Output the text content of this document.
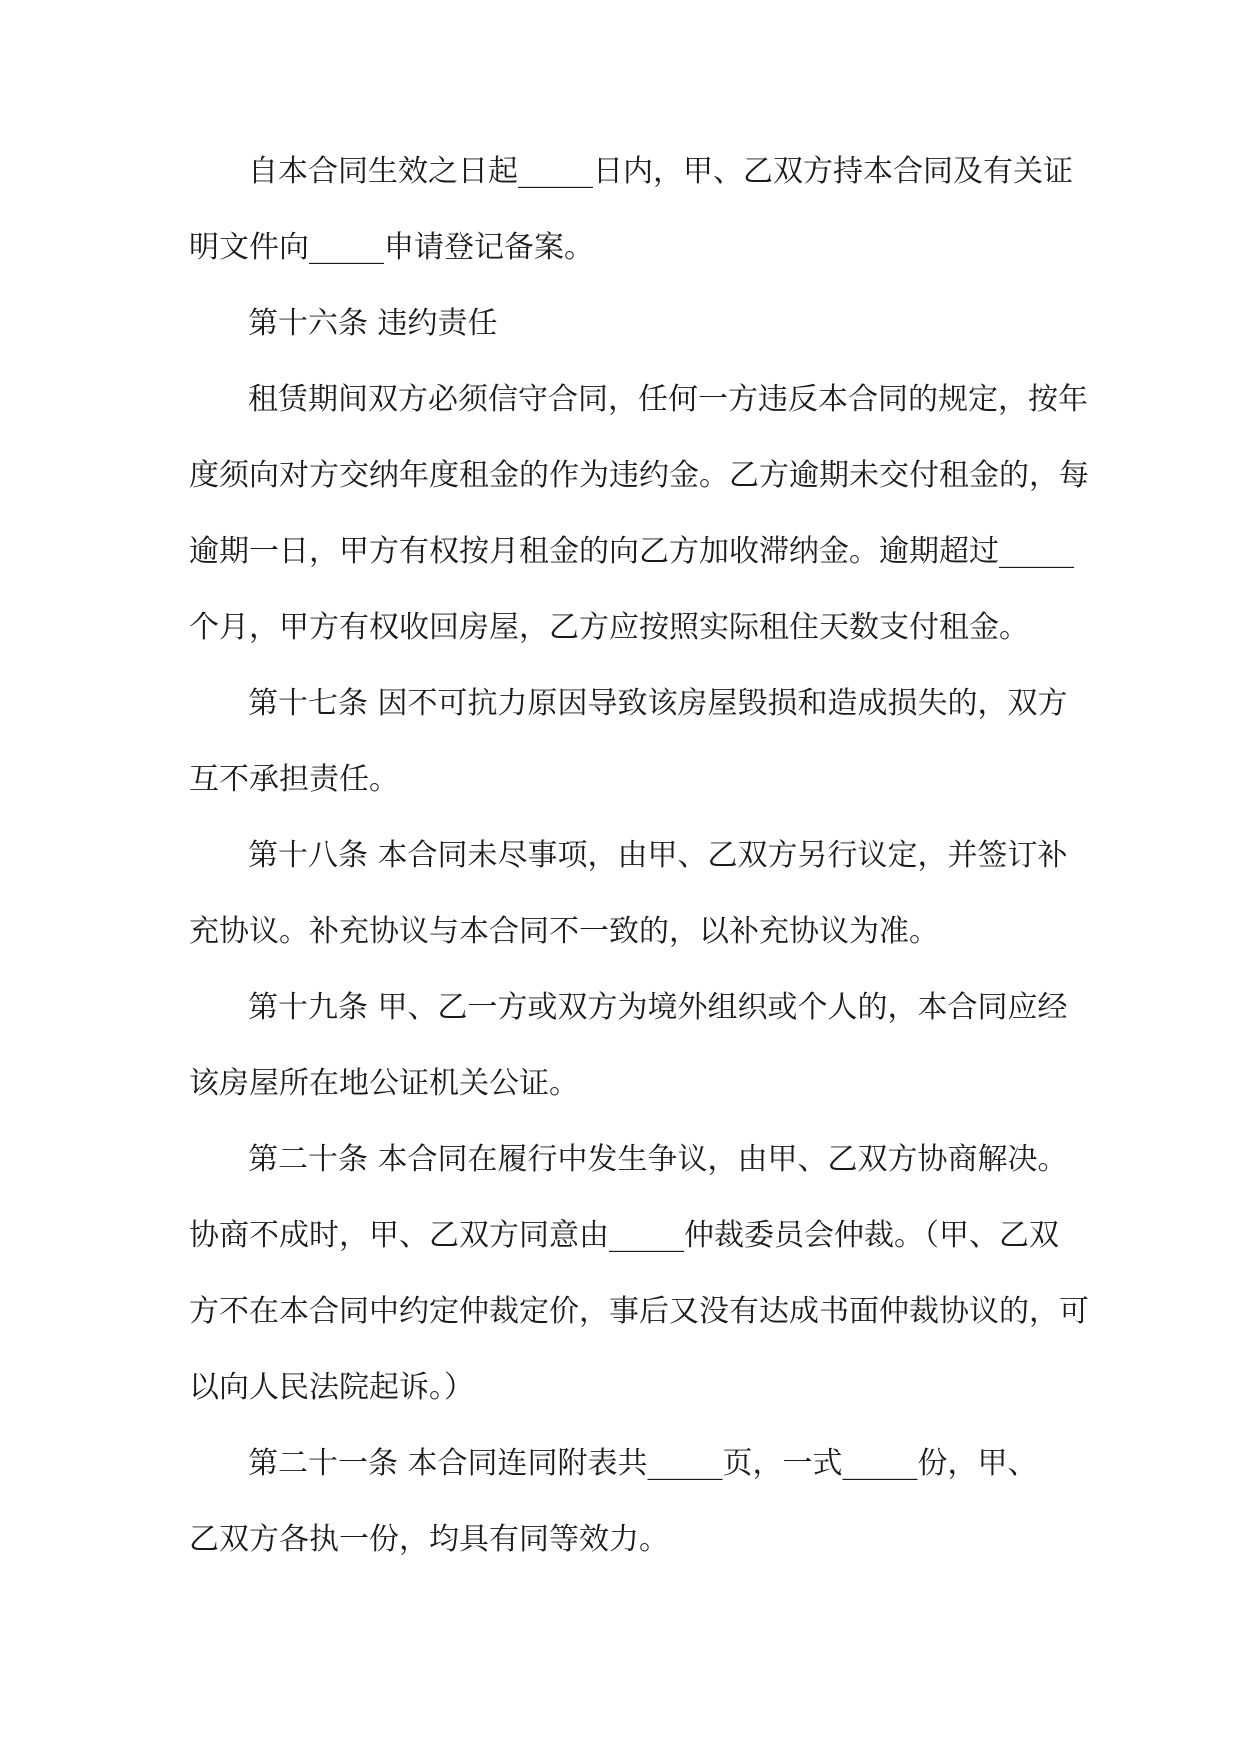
自本合同生效之日起_____日内，甲、乙双方持本合同及有关证
明文件向_____申请登记备案。
第十六条 违约责任
租赁期间双方必须信守合同，任何一方违反本合同的规定，按年
度须向对方交纳年度租金的作为违约金。乙方逾期未交付租金的，每
逾期一日，甲方有权按月租金的向乙方加收滞纳金。逾期超过_____
个月，甲方有权收回房屋，乙方应按照实际租住天数支付租金。
第十七条 因不可抗力原因导致该房屋毁损和造成损失的，双方
互不承担责任。
第十八条 本合同未尽事项，由甲、乙双方另行议定，并签订补
充协议。补充协议与本合同不一致的，以补充协议为准。
第十九条 甲、乙一方或双方为境外组织或个人的，本合同应经
该房屋所在地公证机关公证。
第二十条 本合同在履行中发生争议，由甲、乙双方协商解决。
协商不成时，甲、乙双方同意由_____仲裁委员会仲裁。（甲、乙双
方不在本合同中约定仲裁定价，事后又没有达成书面仲裁协议的，可
以向人民法院起诉。）
第二十一条 本合同连同附表共_____页，一式_____份，甲、
乙双方各执一份，均具有同等效力。
